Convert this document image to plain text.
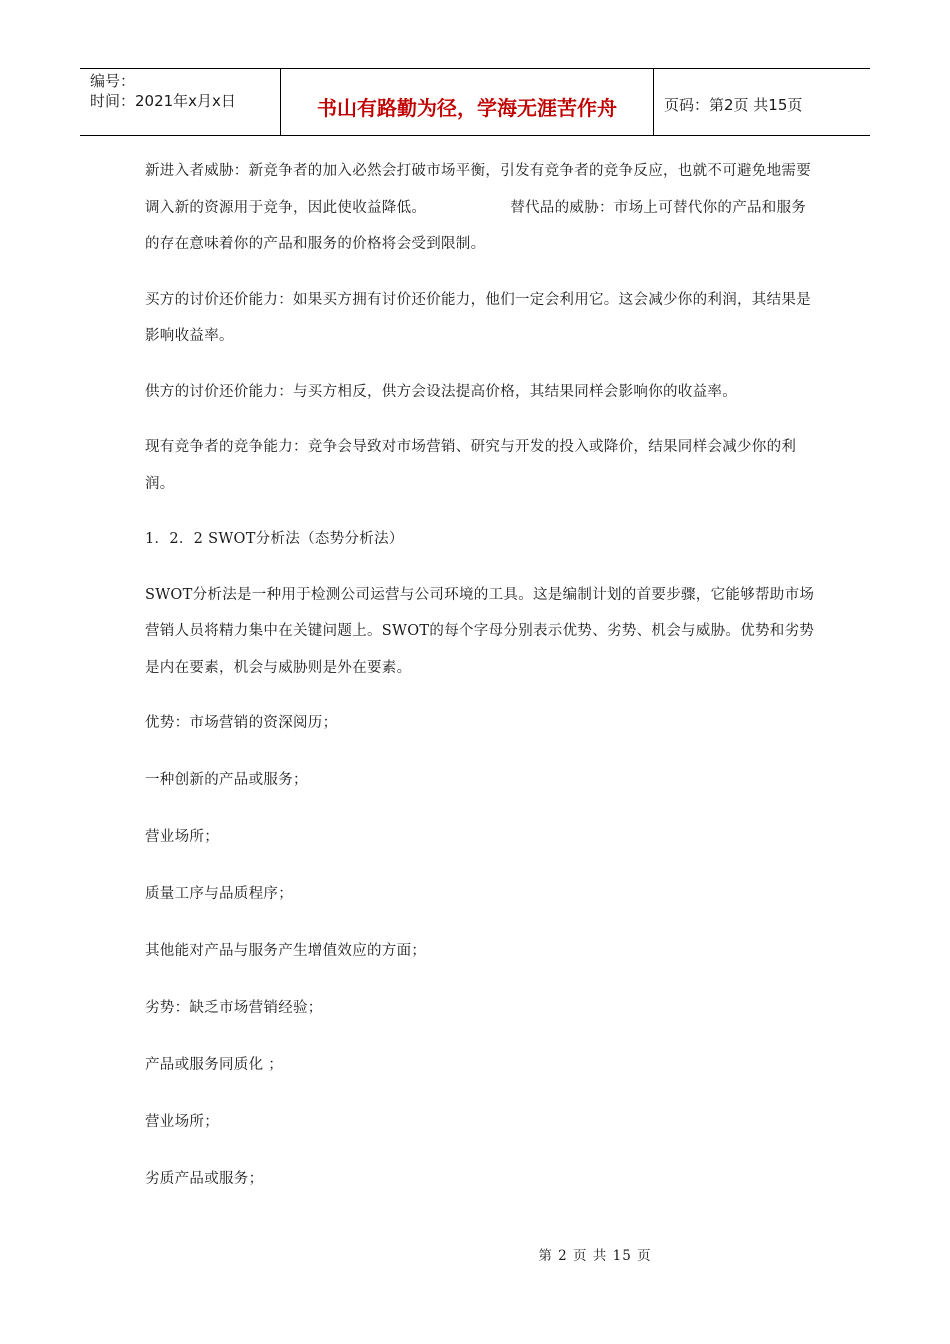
编号：
时间：2021年x月x日	书山有路勤为径，学海无涯苦作舟	页码：第2页 共15页

新进入者威胁：新竞争者的加入必然会打破市场平衡，引发有竞争者的竞争反应，也就不可避免地需要调入新的资源用于竞争，因此使收益降低。	替代品的威胁：市场上可替代你的产品和服务的存在意味着你的产品和服务的价格将会受到限制。

买方的讨价还价能力：如果买方拥有讨价还价能力，他们一定会利用它。这会减少你的利润，其结果是影响收益率。

供方的讨价还价能力：与买方相反，供方会设法提高价格，其结果同样会影响你的收益率。

现有竞争者的竞争能力：竞争会导致对市场营销、研究与开发的投入或降价，结果同样会减少你的利润。

1．2．2 SWOT分析法（态势分析法）

SWOT分析法是一种用于检测公司运营与公司环境的工具。这是编制计划的首要步骤，它能够帮助市场营销人员将精力集中在关键问题上。SWOT的每个字母分别表示优势、劣势、机会与威胁。优势和劣势是内在要素，机会与威胁则是外在要素。

优势：市场营销的资深阅历；

一种创新的产品或服务；

营业场所；

质量工序与品质程序；

其他能对产品与服务产生增值效应的方面；

劣势：缺乏市场营销经验；

产品或服务同质化 ；

营业场所；

劣质产品或服务；

第 2 页 共 15 页
